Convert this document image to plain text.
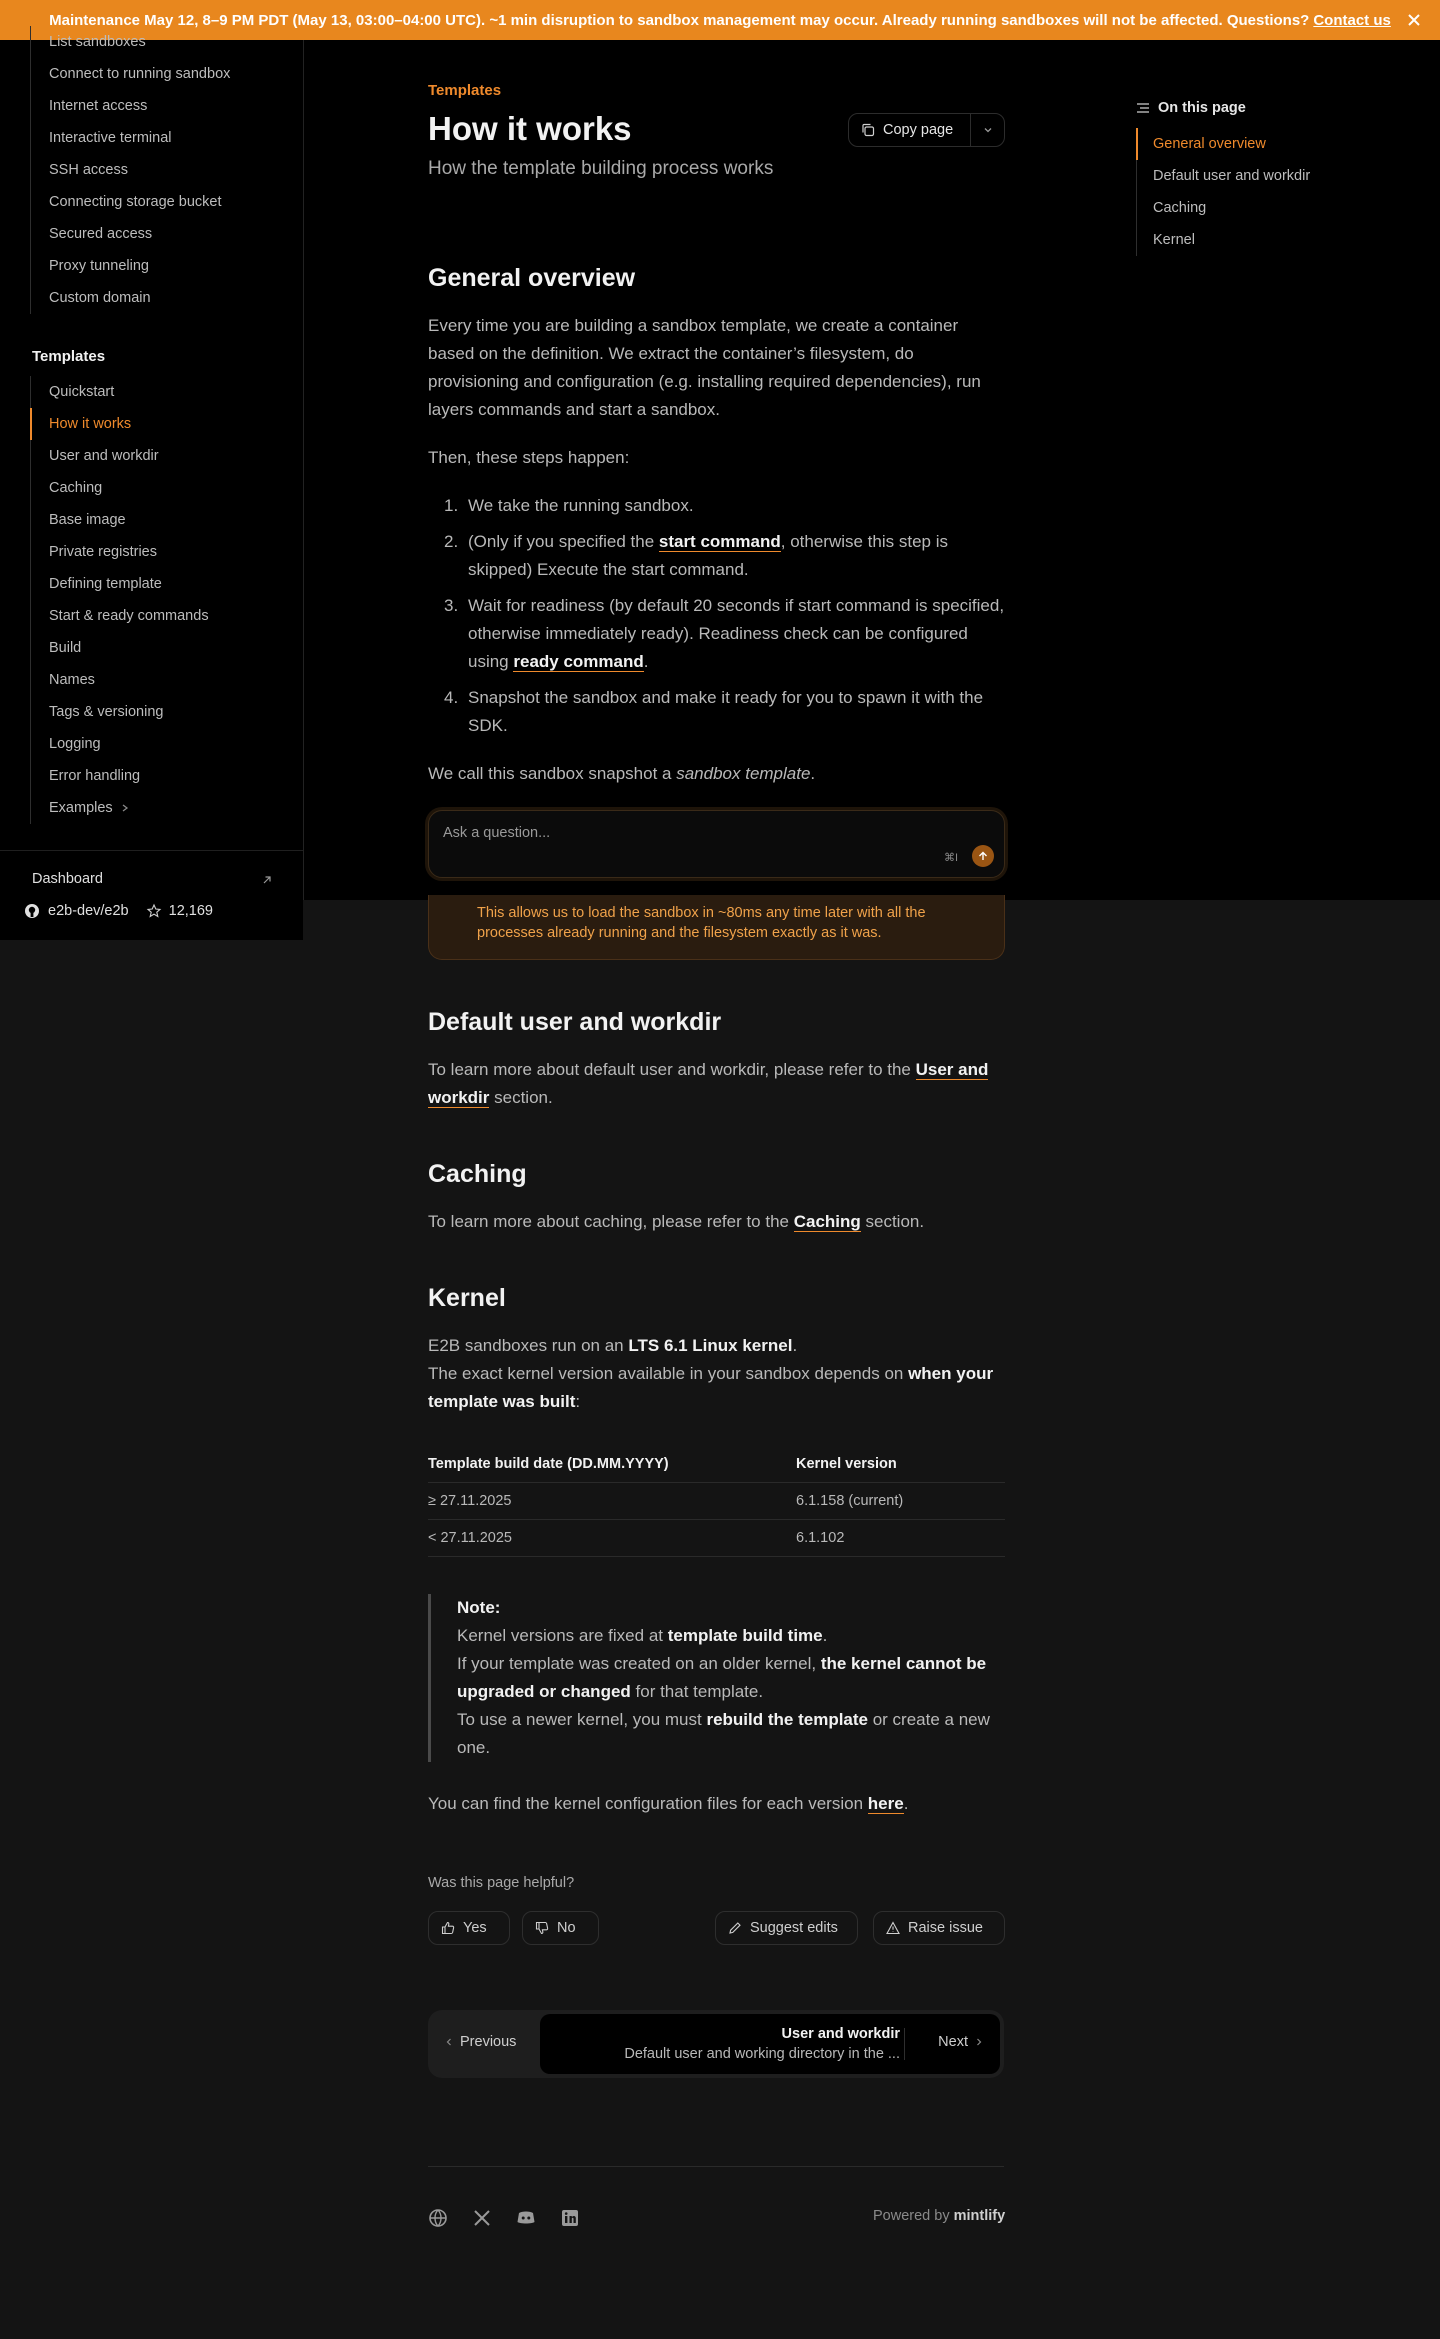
Maintenance May 12, 8–9 PM PDT (May 13, 03:00–04:00 UTC). ~1 min disruption to sandbox management may occur. Already running sandboxes will not be affected. Questions? Contact us
List sandboxes
Connect to running sandbox
Internet access
Interactive terminal
SSH access
Connecting storage bucket
Secured access
Proxy tunneling
Custom domain
Templates
Quickstart
How it works
User and workdir
Caching
Base image
Private registries
Defining template
Start & ready commands
Build
Names
Tags & versioning
Logging
Error handling
Examples
Dashboard
e2b-dev/e2b	12,169
Templates
How it works
How the template building process works
Copy page
On this page
General overview
Default user and workdir
Caching
Kernel
General overview
Every time you are building a sandbox template, we create a container based on the definition. We extract the container’s filesystem, do provisioning and configuration (e.g. installing required dependencies), run layers commands and start a sandbox.
Then, these steps happen:
1. We take the running sandbox.
2. (Only if you specified the start command, otherwise this step is skipped) Execute the start command.
3. Wait for readiness (by default 20 seconds if start command is specified, otherwise immediately ready). Readiness check can be configured using ready command.
4. Snapshot the sandbox and make it ready for you to spawn it with the SDK.
We call this sandbox snapshot a sandbox template.
Ask a question...
⌘I
This allows us to load the sandbox in ~80ms any time later with all the processes already running and the filesystem exactly as it was.
Default user and workdir
To learn more about default user and workdir, please refer to the User and workdir section.
Caching
To learn more about caching, please refer to the Caching section.
Kernel
E2B sandboxes run on an LTS 6.1 Linux kernel.
The exact kernel version available in your sandbox depends on when your template was built:
Template build date (DD.MM.YYYY)	Kernel version
≥ 27.11.2025	6.1.158 (current)
< 27.11.2025	6.1.102
Note:
Kernel versions are fixed at template build time.
If your template was created on an older kernel, the kernel cannot be upgraded or changed for that template.
To use a newer kernel, you must rebuild the template or create a new one.
You can find the kernel configuration files for each version here.
Was this page helpful?
Yes	No	Suggest edits	Raise issue
Previous	User and workdir
Default user and working directory in the ...
Next
Powered by mintlify
